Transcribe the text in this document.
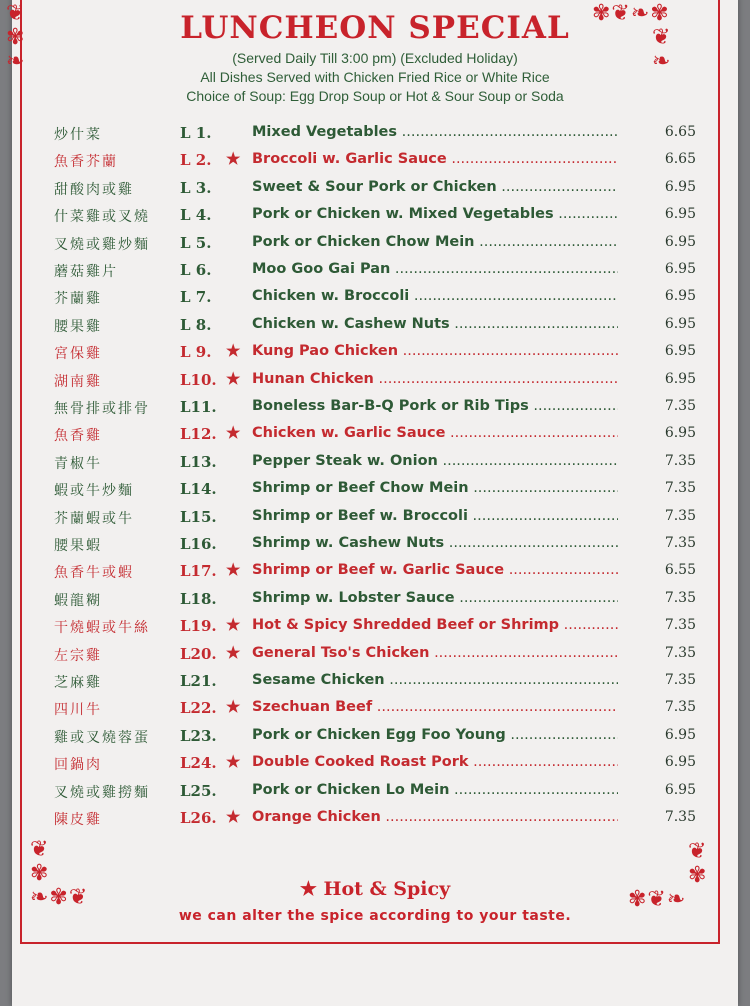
❦
✾
❧
✾❦❧✾
❦
❧
❦
✾
❧✾❦
❦
✾
✾❦❧
LUNCHEON SPECIAL
(Served Daily Till 3:00 pm) (Excluded Holiday)
All Dishes Served with Chicken Fried Rice or White Rice
Choice of Soup: Egg Drop Soup or Hot & Sour Soup or Soda
炒什菜	L 1.	Mixed Vegetables .....	6.65
魚香芥蘭	L 2. ★ Broccoli w. Garlic Sauce .....	6.65
甜酸肉或雞	L 3.	Sweet & Sour Pork or Chicken .....	6.95
什菜雞或叉燒	L 4.	Pork or Chicken w. Mixed Vegetables .....	6.95
叉燒或雞炒麵	L 5.	Pork or Chicken Chow Mein .....	6.95
蘑菇雞片	L 6.	Moo Goo Gai Pan .....	6.95
芥蘭雞	L 7.	Chicken w. Broccoli .....	6.95
腰果雞	L 8.	Chicken w. Cashew Nuts .....	6.95
宮保雞	L 9. ★ Kung Pao Chicken .....	6.95
湖南雞	L10. ★ Hunan Chicken .....	6.95
無骨排或排骨	L11. Boneless Bar-B-Q Pork or Rib Tips .....	7.35
魚香雞	L12. ★ Chicken w. Garlic Sauce .....	6.95
青椒牛	L13. Pepper Steak w. Onion .....	7.35
蝦或牛炒麵	L14. Shrimp or Beef Chow Mein .....	7.35
芥蘭蝦或牛	L15. Shrimp or Beef w. Broccoli .....	7.35
腰果蝦	L16. Shrimp w. Cashew Nuts .....	7.35
魚香牛或蝦	L17. ★ Shrimp or Beef w. Garlic Sauce .....	6.55
蝦龍糊	L18. Shrimp w. Lobster Sauce .....	7.35
干燒蝦或牛絲	L19. ★ Hot & Spicy Shredded Beef or Shrimp .....	7.35
左宗雞	L20. ★ General Tso's Chicken .....	7.35
芝麻雞	L21. Sesame Chicken .....	7.35
四川牛	L22. ★ Szechuan Beef .....	7.35
雞或叉燒蓉蛋	L23. Pork or Chicken Egg Foo Young .....	6.95
回鍋肉	L24. ★ Double Cooked Roast Pork .....	6.95
叉燒或雞撈麵	L25. Pork or Chicken Lo Mein .....	6.95
陳皮雞	L26. ★ Orange Chicken .....	7.35
★ Hot & Spicy
we can alter the spice according to your taste.
